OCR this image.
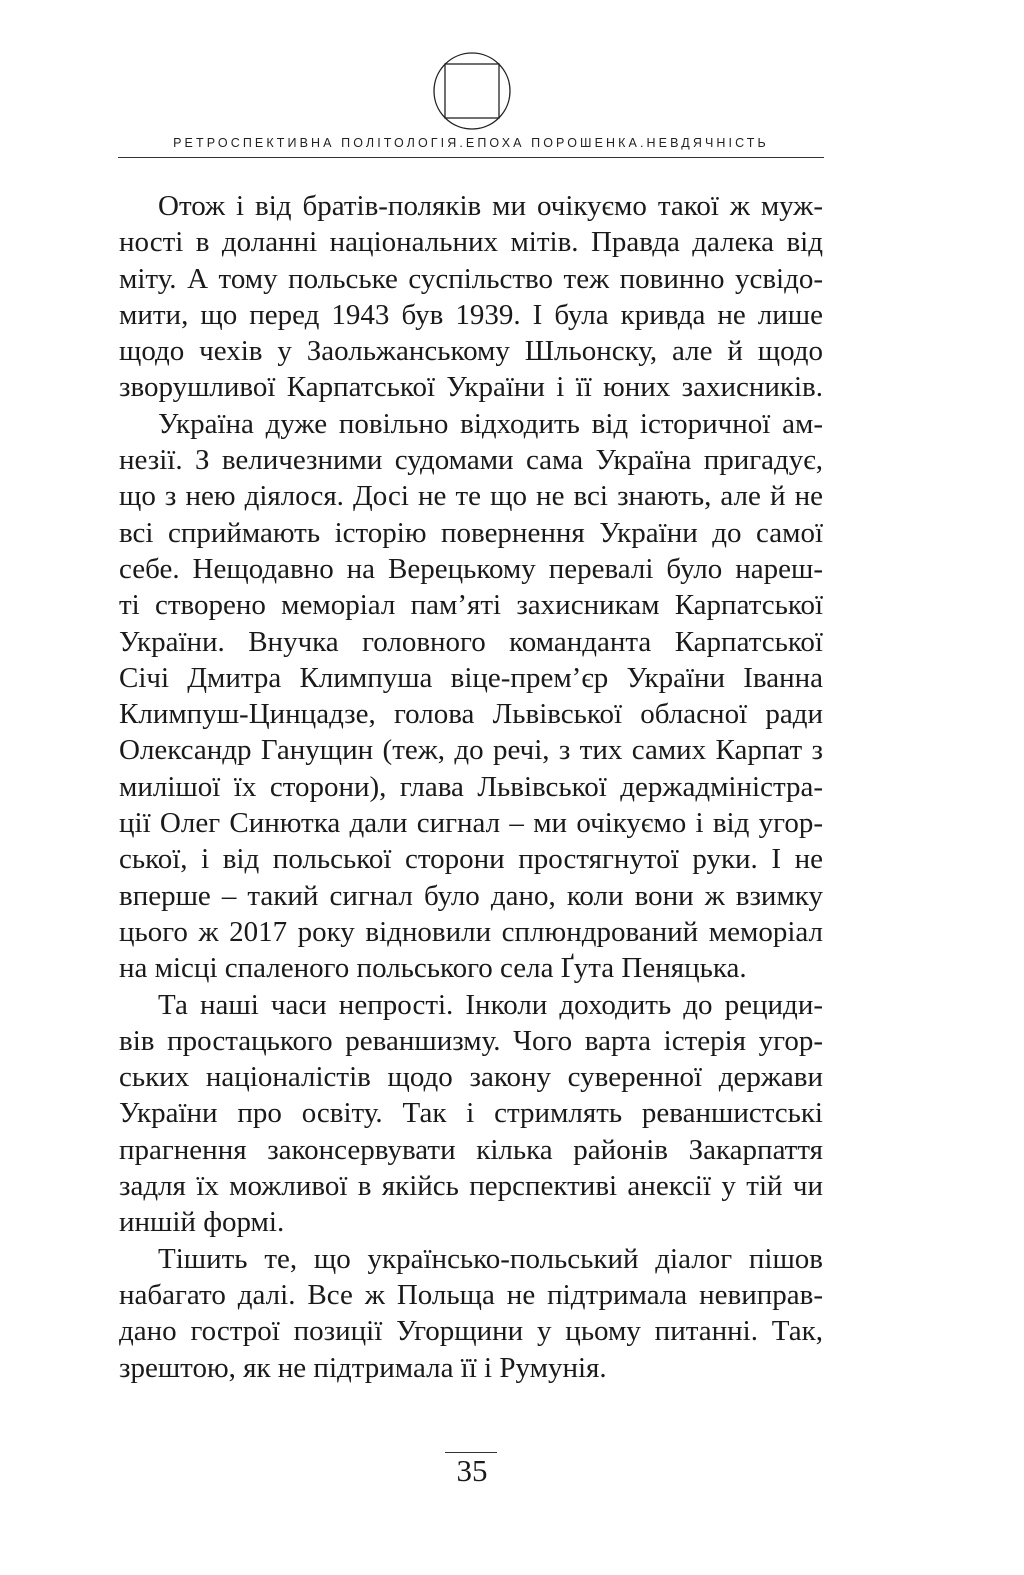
РЕТРОСПЕКТИВНА ПОЛІТОЛОГІЯ.ЕПОХА ПОРОШЕНКА.НЕВДЯЧНІСТЬ

Отож і від братів-поляків ми очікуємо такої ж муж-
ності в доланні національних мітів. Правда далека від
міту. А тому польське суспільство теж повинно усвідо-
мити, що перед 1943 був 1939. І була кривда не лише
щодо чехів у Заольжанському Шльонску, але й щодо
зворушливої Карпатської України і її юних захисників.

Україна дуже повільно відходить від історичної ам-
незії. З величезними судомами сама Україна пригадує,
що з нею діялося. Досі не те що не всі знають, але й не
всі сприймають історію повернення України до самої
себе. Нещодавно на Верецькому перевалі було нареш-
ті створено меморіал пам’яті захисникам Карпатської
України. Внучка головного команданта Карпатської
Січі Дмитра Климпуша віце-прем’єр України Іванна
Климпуш-Цинцадзе, голова Львівської обласної ради
Олександр Ганущин (теж, до речі, з тих самих Карпат з
милішої їх сторони), глава Львівської держадміністра-
ції Олег Синютка дали сигнал – ми очікуємо і від угор-
ської, і від польської сторони простягнутої руки. І не
вперше – такий сигнал було дано, коли вони ж взимку
цього ж 2017 року відновили сплюндрований меморіал
на місці спаленого польського села Ґута Пеняцька.

Та наші часи непрості. Інколи доходить до рециди-
вів простацького реваншизму. Чого варта істерія угор-
ських націоналістів щодо закону суверенної держави
України про освіту. Так і стримлять реваншистські
прагнення законсервувати кілька районів Закарпаття
задля їх можливої в якійсь перспективі анексії у тій чи
иншій формі.

Тішить те, що українсько-польський діалог пішов
набагато далі. Все ж Польща не підтримала невиправ-
дано гострої позиції Угорщини у цьому питанні. Так,
зрештою, як не підтримала її і Румунія.

35
